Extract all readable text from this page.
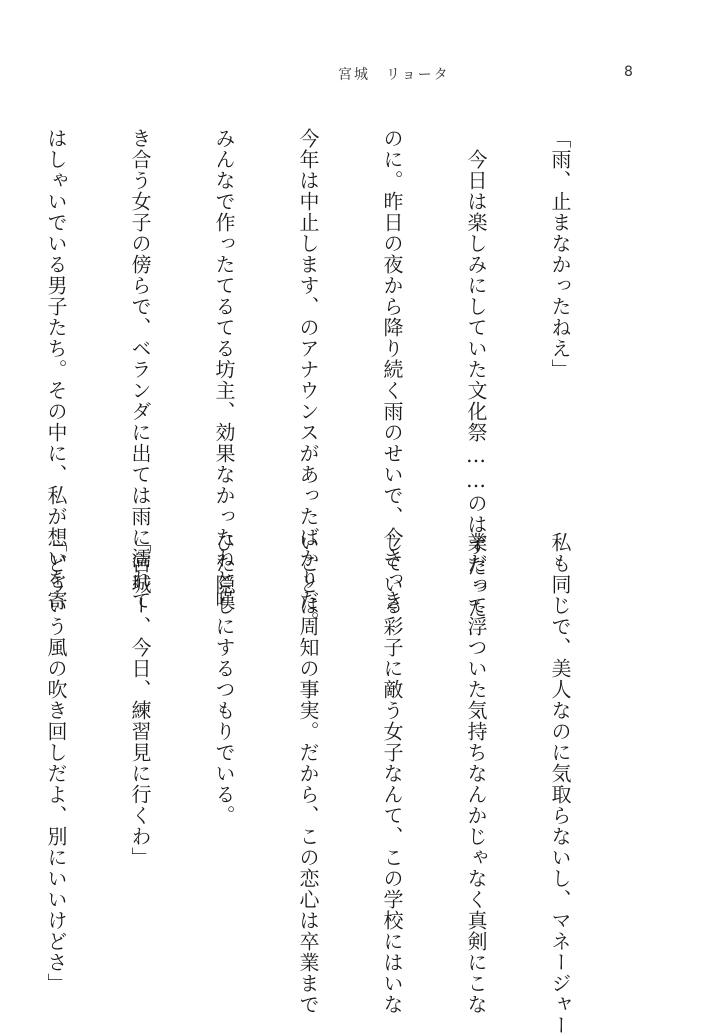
宮城　リョータ	8

「雨、止まなかったねえ」

　今日は楽しみにしていた文化祭……のはずだった

のに。昨日の夜から降り続く雨のせいで、今さっき

今年は中止します、のアナウンスがあったばかりだ。

みんなで作ったてるてる坊主、効果なかったねと嘆

き合う女子の傍らで、ベランダに出ては雨に濡れて

はしゃいでいる男子たち。その中に、私が想いを寄

私も同じで、美人なのに気取らないし、マネージャー

業だって浮ついた気持ちなんかじゃなく真剣にこな

している彩子に敵う女子なんて、この学校にはいな

いことは周知の事実。だから、この恋心は卒業まで

ひた隠しにするつもりでいる。

「宮城ー、今日、練習見に行くわ」

「どういう風の吹き回しだよ、別にいいけどさ」
